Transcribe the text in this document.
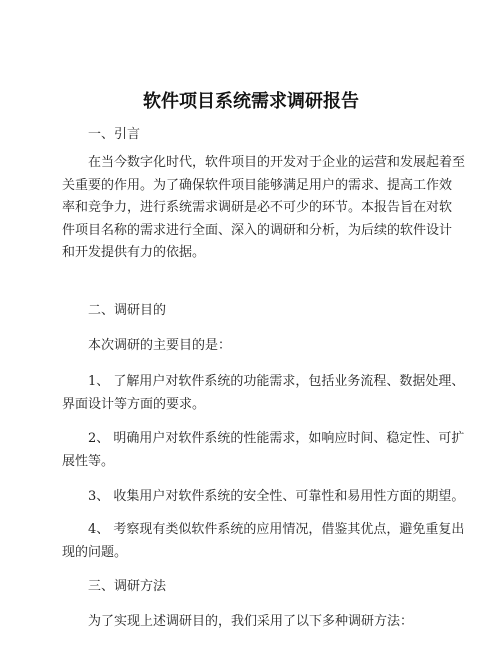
软件项目系统需求调研报告

一、引言

在当今数字化时代，软件项目的开发对于企业的运营和发展起着至
关重要的作用。为了确保软件项目能够满足用户的需求、提高工作效
率和竞争力，进行系统需求调研是必不可少的环节。本报告旨在对软
件项目名称的需求进行全面、深入的调研和分析，为后续的软件设计
和开发提供有力的依据。

二、调研目的

本次调研的主要目的是：

1、 了解用户对软件系统的功能需求，包括业务流程、数据处理、
界面设计等方面的要求。
2、 明确用户对软件系统的性能需求，如响应时间、稳定性、可扩
展性等。
3、 收集用户对软件系统的安全性、可靠性和易用性方面的期望。
4、 考察现有类似软件系统的应用情况，借鉴其优点，避免重复出
现的问题。

三、调研方法

为了实现上述调研目的，我们采用了以下多种调研方法：
